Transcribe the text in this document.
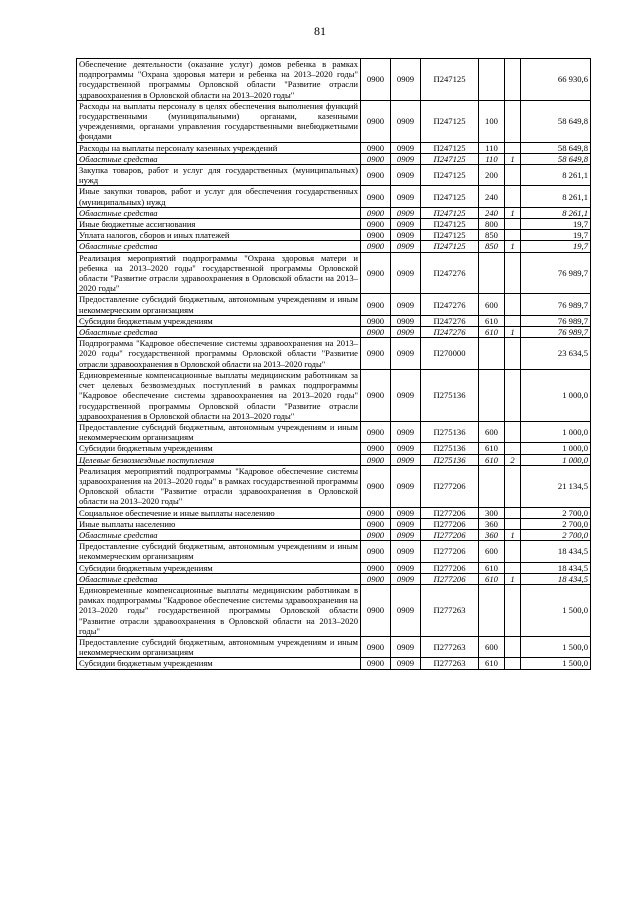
81
Обеспечение деятельности (оказание услуг) домов ребенка в рамках подпрограммы "Охрана здоровья матери и ребенка на 2013–2020 годы" государственной программы Орловской области "Развитие отрасли здравоохранения в Орловской области на 2013–2020 годы"	0900	0909	П247125			66 930,6
Расходы на выплаты персоналу в целях обеспечения выполнения функций государственными (муниципальными) органами, казенными учреждениями, органами управления государственными внебюджетными фондами	0900	0909	П247125	100		58 649,8
Расходы на выплаты персоналу казенных учреждений	0900	0909	П247125	110		58 649,8
Областные средства	0900	0909	П247125	110	1	58 649,8
Закупка товаров, работ и услуг для государственных (муниципальных) нужд	0900	0909	П247125	200		8 261,1
Иные закупки товаров, работ и услуг для обеспечения государственных (муниципальных) нужд	0900	0909	П247125	240		8 261,1
Областные средства	0900	0909	П247125	240	1	8 261,1
Иные бюджетные ассигнования	0900	0909	П247125	800		19,7
Уплата налогов, сборов и иных платежей	0900	0909	П247125	850		19,7
Областные средства	0900	0909	П247125	850	1	19,7
Реализация мероприятий подпрограммы "Охрана здоровья матери и ребенка на 2013–2020 годы" государственной программы Орловской области "Развитие отрасли здравоохранения в Орловской области на 2013–2020 годы"	0900	0909	П247276			76 989,7
Предоставление субсидий бюджетным, автономным учреждениям и иным некоммерческим организациям	0900	0909	П247276	600		76 989,7
Субсидии бюджетным учреждениям	0900	0909	П247276	610		76 989,7
Областные средства	0900	0909	П247276	610	1	76 989,7
Подпрограмма "Кадровое обеспечение системы здравоохранения на 2013–2020 годы" государственной программы Орловской области "Развитие отрасли здравоохранения в Орловской области на 2013–2020 годы"	0900	0909	П270000			23 634,5
Единовременные компенсационные выплаты медицинским работникам за счет целевых безвозмездных поступлений в рамках подпрограммы "Кадровое обеспечение системы здравоохранения на 2013–2020 годы" государственной программы Орловской области "Развитие отрасли здравоохранения в Орловской области на 2013–2020 годы"	0900	0909	П275136			1 000,0
Предоставление субсидий бюджетным, автономным учреждениям и иным некоммерческим организациям	0900	0909	П275136	600		1 000,0
Субсидии бюджетным учреждениям	0900	0909	П275136	610		1 000,0
Целевые безвозмездные поступления	0900	0909	П275136	610	2	1 000,0
Реализация мероприятий подпрограммы "Кадровое обеспечение системы здравоохранения на 2013–2020 годы" в рамках государственной программы Орловской области "Развитие отрасли здравоохранения в Орловской области на 2013–2020 годы"	0900	0909	П277206			21 134,5
Социальное обеспечение и иные выплаты населению	0900	0909	П277206	300		2 700,0
Иные выплаты населению	0900	0909	П277206	360		2 700,0
Областные средства	0900	0909	П277206	360	1	2 700,0
Предоставление субсидий бюджетным, автономным учреждениям и иным некоммерческим организациям	0900	0909	П277206	600		18 434,5
Субсидии бюджетным учреждениям	0900	0909	П277206	610		18 434,5
Областные средства	0900	0909	П277206	610	1	18 434,5
Единовременные компенсационные выплаты медицинским работникам в рамках подпрограммы "Кадровое обеспечение системы здравоохранения на 2013–2020 годы" государственной программы Орловской области "Развитие отрасли здравоохранения в Орловской области на 2013–2020 годы"	0900	0909	П277263			1 500,0
Предоставление субсидий бюджетным, автономным учреждениям и иным некоммерческим организациям	0900	0909	П277263	600		1 500,0
Субсидии бюджетным учреждениям	0900	0909	П277263	610		1 500,0
